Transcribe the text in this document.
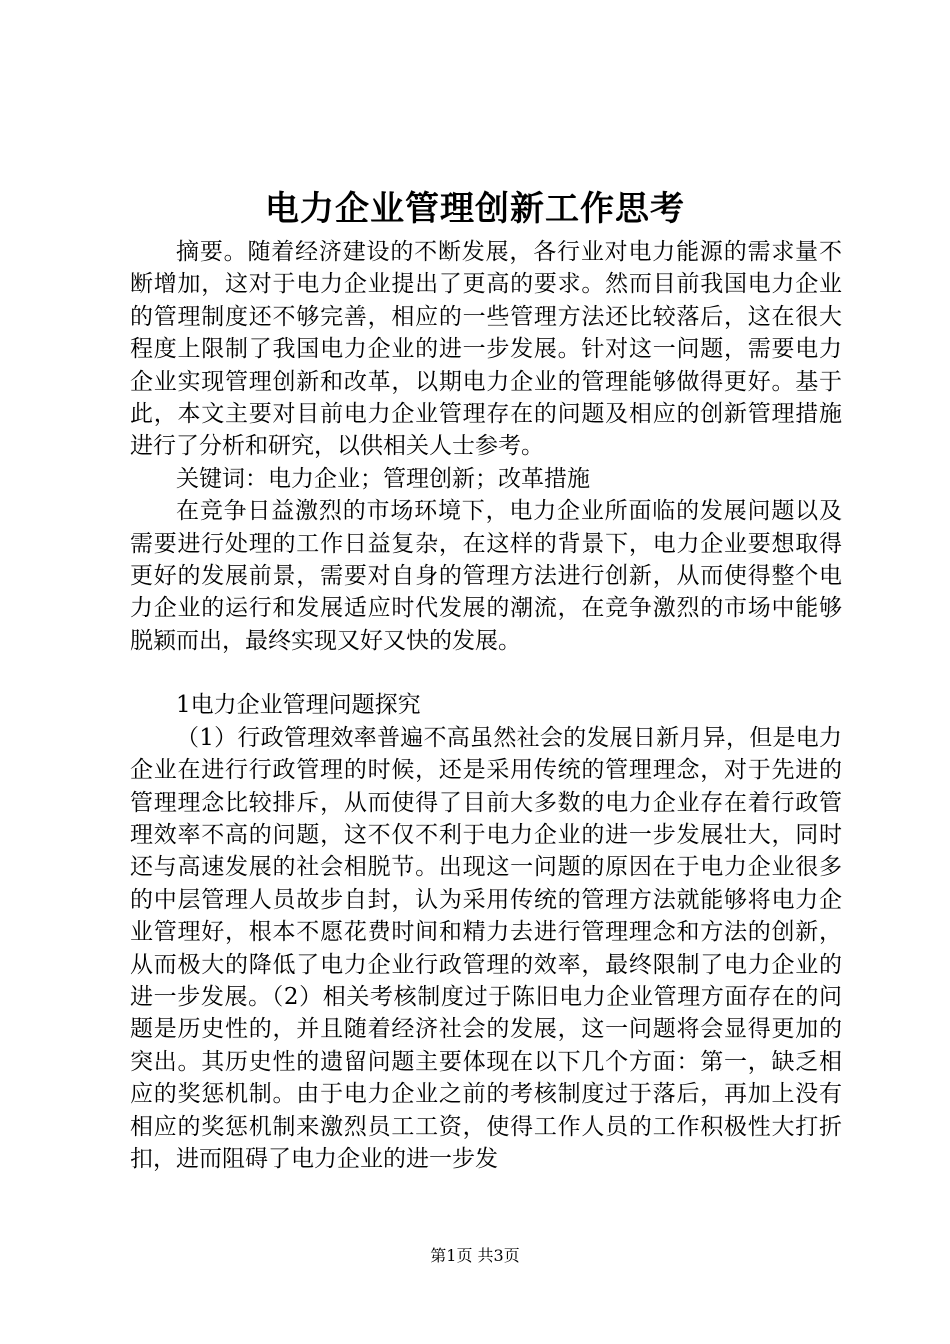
电力企业管理创新工作思考

摘要。随着经济建设的不断发展，各行业对电力能源的需求量不断增加，这对于电力企业提出了更高的要求。然而目前我国电力企业的管理制度还不够完善，相应的一些管理方法还比较落后，这在很大程度上限制了我国电力企业的进一步发展。针对这一问题，需要电力企业实现管理创新和改革，以期电力企业的管理能够做得更好。基于此，本文主要对目前电力企业管理存在的问题及相应的创新管理措施进行了分析和研究，以供相关人士参考。

关键词：电力企业；管理创新；改革措施

在竞争日益激烈的市场环境下，电力企业所面临的发展问题以及需要进行处理的工作日益复杂，在这样的背景下，电力企业要想取得更好的发展前景，需要对自身的管理方法进行创新，从而使得整个电力企业的运行和发展适应时代发展的潮流，在竞争激烈的市场中能够脱颖而出，最终实现又好又快的发展。

1电力企业管理问题探究

（1）行政管理效率普遍不高虽然社会的发展日新月异，但是电力企业在进行行政管理的时候，还是采用传统的管理理念，对于先进的管理理念比较排斥，从而使得了目前大多数的电力企业存在着行政管理效率不高的问题，这不仅不利于电力企业的进一步发展壮大，同时还与高速发展的社会相脱节。出现这一问题的原因在于电力企业很多的中层管理人员故步自封，认为采用传统的管理方法就能够将电力企业管理好，根本不愿花费时间和精力去进行管理理念和方法的创新，从而极大的降低了电力企业行政管理的效率，最终限制了电力企业的进一步发展。（2）相关考核制度过于陈旧电力企业管理方面存在的问题是历史性的，并且随着经济社会的发展，这一问题将会显得更加的突出。其历史性的遗留问题主要体现在以下几个方面：第一，缺乏相应的奖惩机制。由于电力企业之前的考核制度过于落后，再加上没有相应的奖惩机制来激烈员工工资，使得工作人员的工作积极性大打折扣，进而阻碍了电力企业的进一步发

第1页 共3页
